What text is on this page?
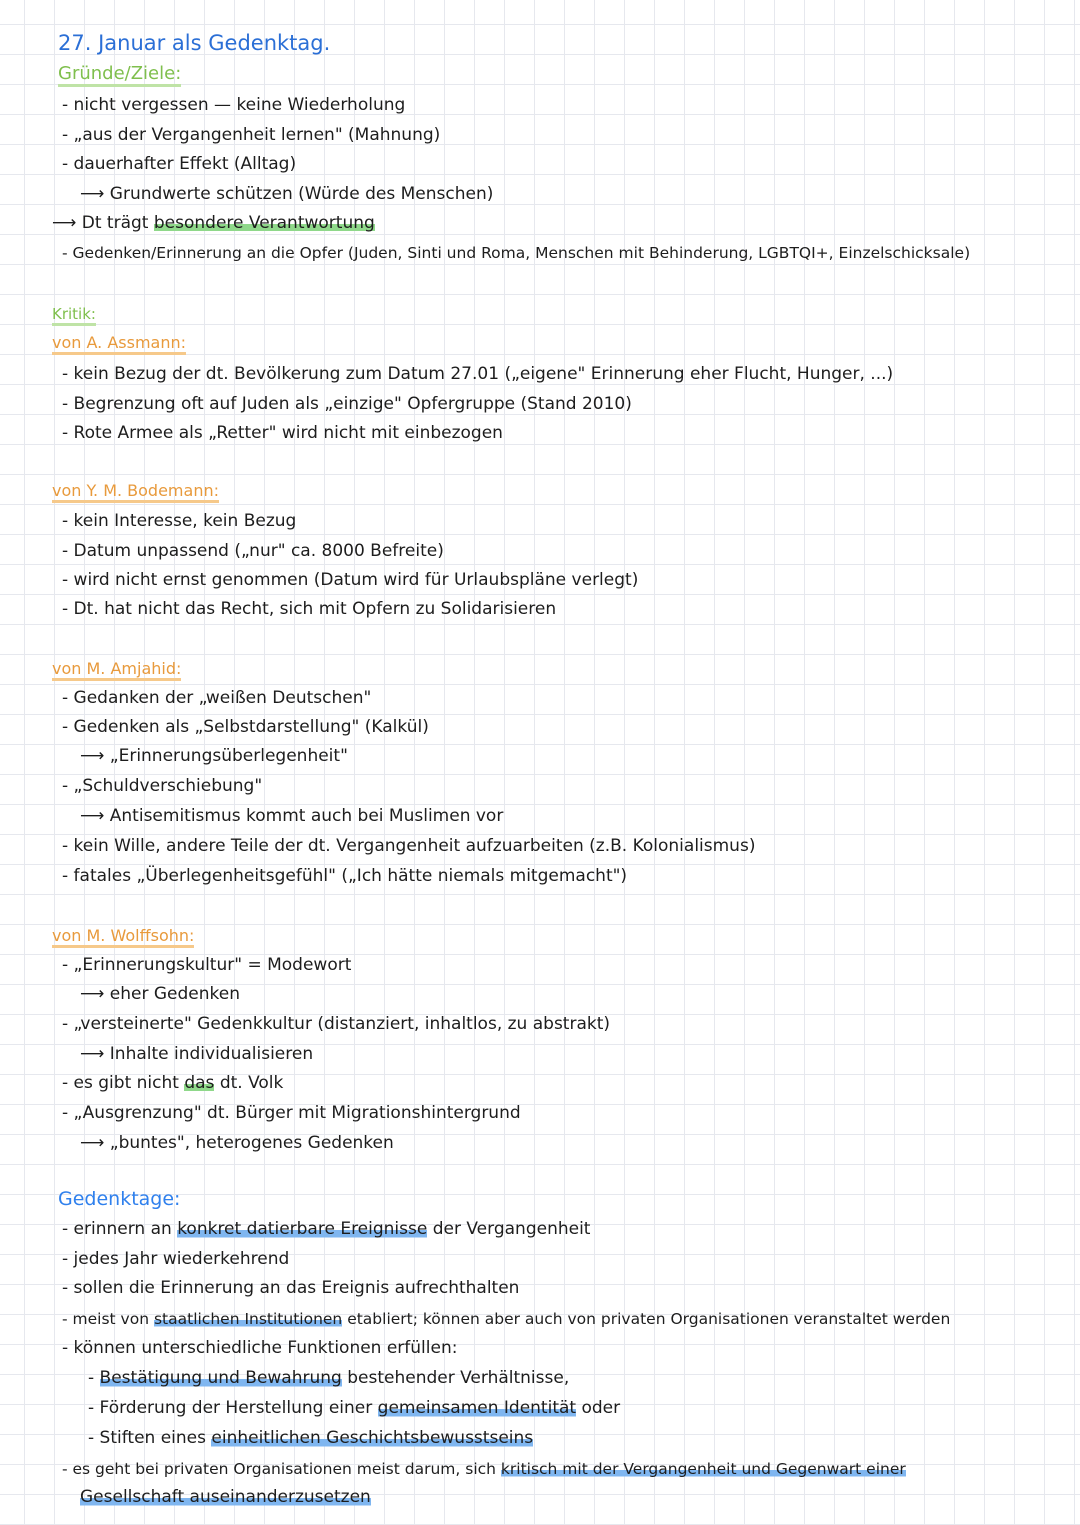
27. Januar als Gedenktag.
Gründe/Ziele:
- nicht vergessen — keine Wiederholung
- „aus der Vergangenheit lernen" (Mahnung)
- dauerhafter Effekt (Alltag)
⟶ Grundwerte schützen (Würde des Menschen)
⟶ Dt trägt besondere Verantwortung
- Gedenken/Erinnerung an die Opfer (Juden, Sinti und Roma, Menschen mit Behinderung, LGBTQI+, Einzelschicksale)
Kritik:
von A. Assmann:
- kein Bezug der dt. Bevölkerung zum Datum 27.01 („eigene" Erinnerung eher Flucht, Hunger, ...)
- Begrenzung oft auf Juden als „einzige" Opfergruppe (Stand 2010)
- Rote Armee als „Retter" wird nicht mit einbezogen
von Y. M. Bodemann:
- kein Interesse, kein Bezug
- Datum unpassend („nur" ca. 8000 Befreite)
- wird nicht ernst genommen (Datum wird für Urlaubspläne verlegt)
- Dt. hat nicht das Recht, sich mit Opfern zu Solidarisieren
von M. Amjahid:
- Gedanken der „weißen Deutschen"
- Gedenken als „Selbstdarstellung" (Kalkül)
⟶ „Erinnerungsüberlegenheit"
- „Schuldverschiebung"
⟶ Antisemitismus kommt auch bei Muslimen vor
- kein Wille, andere Teile der dt. Vergangenheit aufzuarbeiten (z.B. Kolonialismus)
- fatales „Überlegenheitsgefühl" („Ich hätte niemals mitgemacht")
von M. Wolffsohn:
- „Erinnerungskultur" = Modewort
⟶ eher Gedenken
- „versteinerte" Gedenkkultur (distanziert, inhaltlos, zu abstrakt)
⟶ Inhalte individualisieren
- es gibt nicht das dt. Volk
- „Ausgrenzung" dt. Bürger mit Migrationshintergrund
⟶ „buntes", heterogenes Gedenken
Gedenktage:
- erinnern an konkret datierbare Ereignisse der Vergangenheit
- jedes Jahr wiederkehrend
- sollen die Erinnerung an das Ereignis aufrechthalten
- meist von staatlichen Institutionen etabliert; können aber auch von privaten Organisationen veranstaltet werden
- können unterschiedliche Funktionen erfüllen:
- Bestätigung und Bewahrung bestehender Verhältnisse,
- Förderung der Herstellung einer gemeinsamen Identität oder
- Stiften eines einheitlichen Geschichtsbewusstseins
- es geht bei privaten Organisationen meist darum, sich kritisch mit der Vergangenheit und Gegenwart einer
Gesellschaft auseinanderzusetzen
